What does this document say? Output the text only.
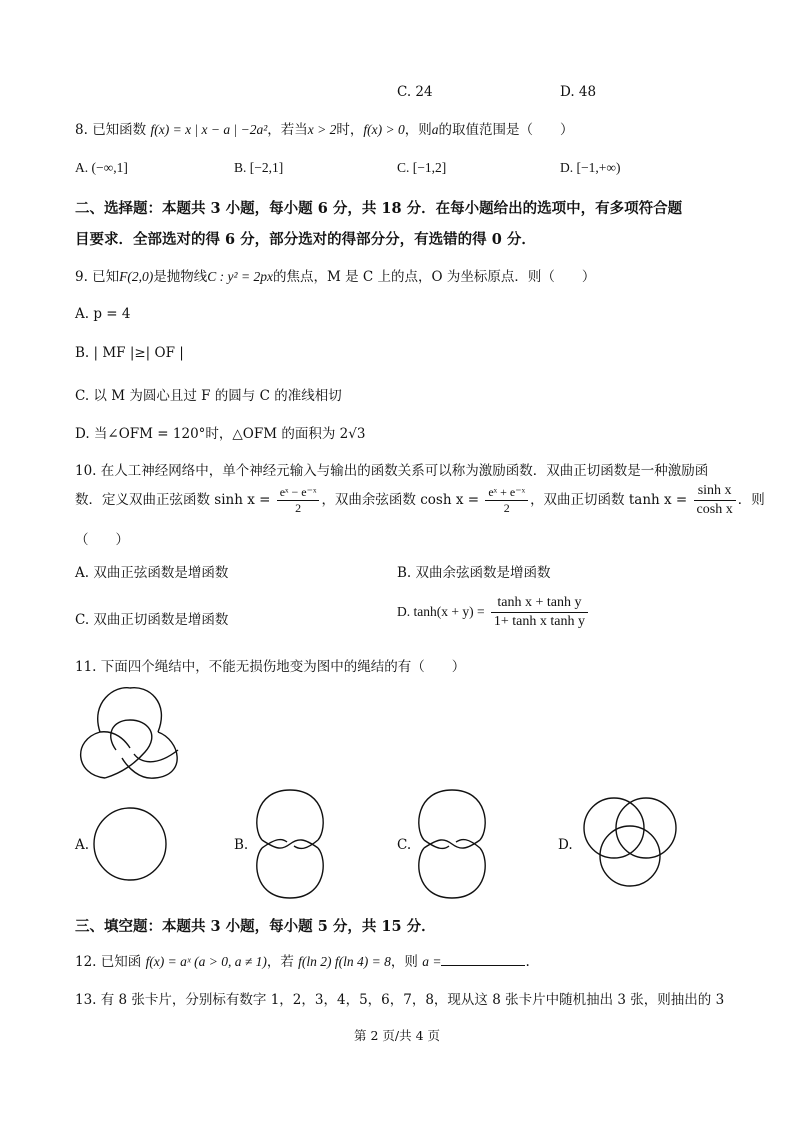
C. 24	D. 48
8. 已知函数 f(x) = x | x − a | −2a²，若当x > 2时，f(x) > 0，则a的取值范围是（　　）
A. (−∞,1]	B. [−2,1]	C. [−1,2]	D. [−1,+∞)
二、选择题：本题共 3 小题，每小题 6 分，共 18 分．在每小题给出的选项中，有多项符合题
目要求．全部选对的得 6 分，部分选对的得部分分，有选错的得 0 分．
9. 已知F(2,0)是抛物线C : y² = 2px的焦点，M 是 C 上的点，O 为坐标原点．则（　　）
A. p = 4
B. | MF |≥| OF |
C. 以 M 为圆心且过 F 的圆与 C 的准线相切
D. 当∠OFM = 120°时，△OFM 的面积为 2√3
10. 在人工神经网络中，单个神经元输入与输出的函数关系可以称为激励函数．双曲正切函数是一种激励函
数．定义双曲正弦函数 $\sinh x = \frac{\text{eˣ − e⁻ˣ}}{2}$ ，双曲余弦函数 $\cosh x = \frac{\text{eˣ + e⁻ˣ}}{2}$ ，双曲正切函数 $\tanh x = \frac{\text{sinh x}}{\text{cosh x}}$ ．则
（　　）
A. 双曲正弦函数是增函数	B. 双曲余弦函数是增函数
C. 双曲正切函数是增函数
D. $\tanh(x + y) = \frac{\text{tanh x + tanh y}}{\text{1+ tanh x tanh y}}$
11. 下面四个绳结中，不能无损伤地变为图中的绳结的有（　　）
A.	B.	C.	D.
三、填空题：本题共 3 小题，每小题 5 分，共 15 分．
12. 已知函 f(x) = aˣ (a > 0, a ≠ 1)，若 f(ln 2) f(ln 4) = 8，则 a =	.
13. 有 8 张卡片，分别标有数字 1，2，3，4，5，6，7，8，现从这 8 张卡片中随机抽出 3 张，则抽出的 3
第 2 页/共 4 页
